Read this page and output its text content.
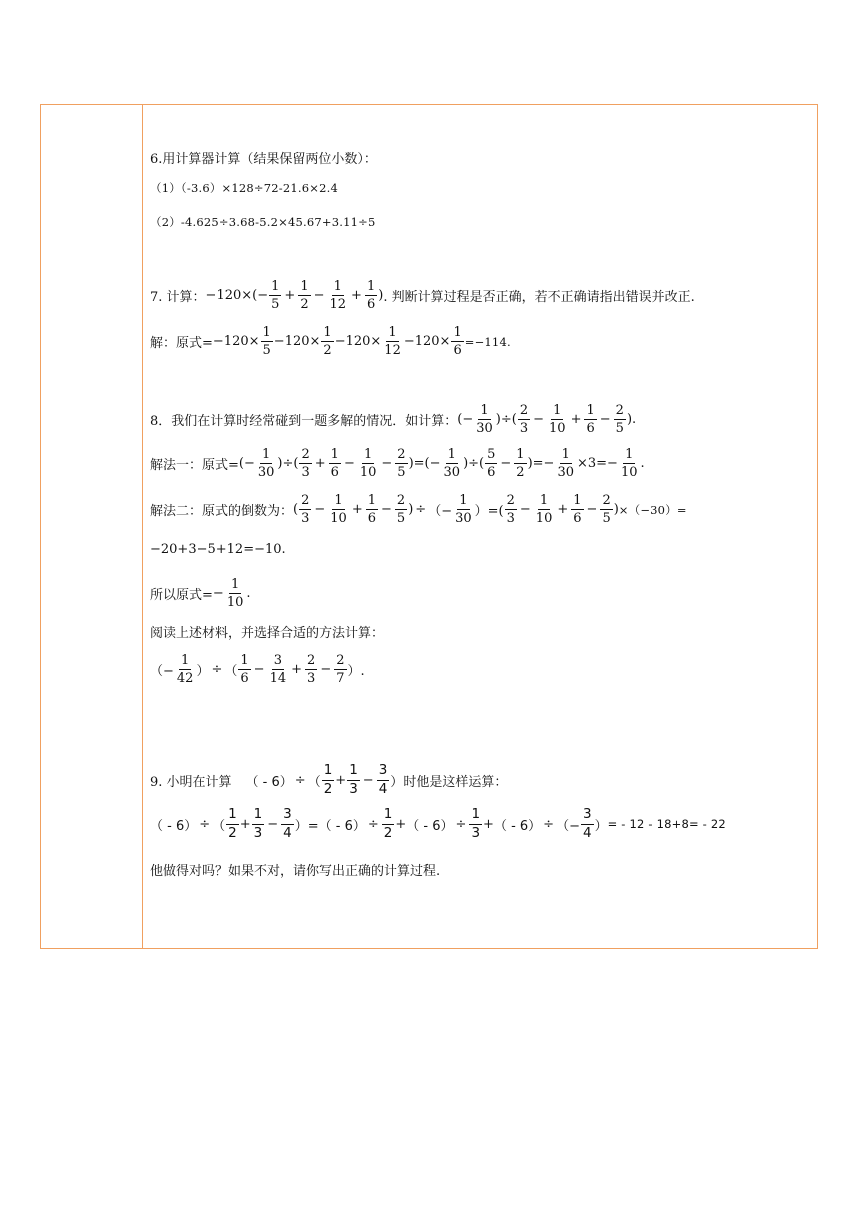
6.用计算器计算（结果保留两位小数）：
（1）（-3.6）×128÷72-21.6×2.4
（2）-4.625÷3.68-5.2×45.67+3.11÷5
7. 计算： $-120\times( - \frac{1}{5} + \frac{1}{2} - \frac{1}{12} + \frac{1}{6}$ ) . 判断计算过程是否正确，若不正确请指出错误并改正.
解：原式= $-120\times \frac{1}{5} -120\times \frac{1}{2} -120\times \frac{1}{12} -120\times \frac{1}{6} =-114$.
8．我们在计算时经常碰到一题多解的情况．如计算： (− $\frac{1}{30}$ )÷( $\frac{2}{3} - \frac{1}{10} + \frac{1}{6} - \frac{2}{5}$ ).
解法一：原式= (− $\frac{1}{30}$ )÷( $\frac{2}{3} + \frac{1}{6} - \frac{1}{10} - \frac{2}{5}$ )=(− $\frac{1}{30}$ )÷( $\frac{5}{6} - \frac{1}{2}$ )=− $\frac{1}{30} \times 3= - \frac{1}{10}$ .
解法二：原式的倒数为： ( $\frac{2}{3} - \frac{1}{10} + \frac{1}{6} - \frac{2}{5}$ ) ÷ （− $\frac{1}{30}$ ）=( $\frac{2}{3} - \frac{1}{10} + \frac{1}{6} - \frac{2}{5}$ ) ×（−30）=
−20+3−5+12=−10.
所以原式= − $\frac{1}{10}$ .
阅读上述材料，并选择合适的方法计算：
（− $\frac{1}{42}$ ） ÷ （ $\frac{1}{6} - \frac{3}{14} + \frac{2}{3} - \frac{2}{7}$ ）.
9. 小明在计算 （ - 6） ÷ （ $\frac{1}{2} + \frac{1}{3} - \frac{3}{4}$ ） 时他是这样运算：
（ - 6） ÷ （ $\frac{1}{2} + \frac{1}{3} - \frac{3}{4}$ ）= （ - $6) \div \frac{1}{2}$ + （ - $6) \div \frac{1}{3}$ + （ - 6） ÷ （− $\frac{3}{4}$ ） = - 12 - 18+8= - 22
他做得对吗？如果不对，请你写出正确的计算过程.
